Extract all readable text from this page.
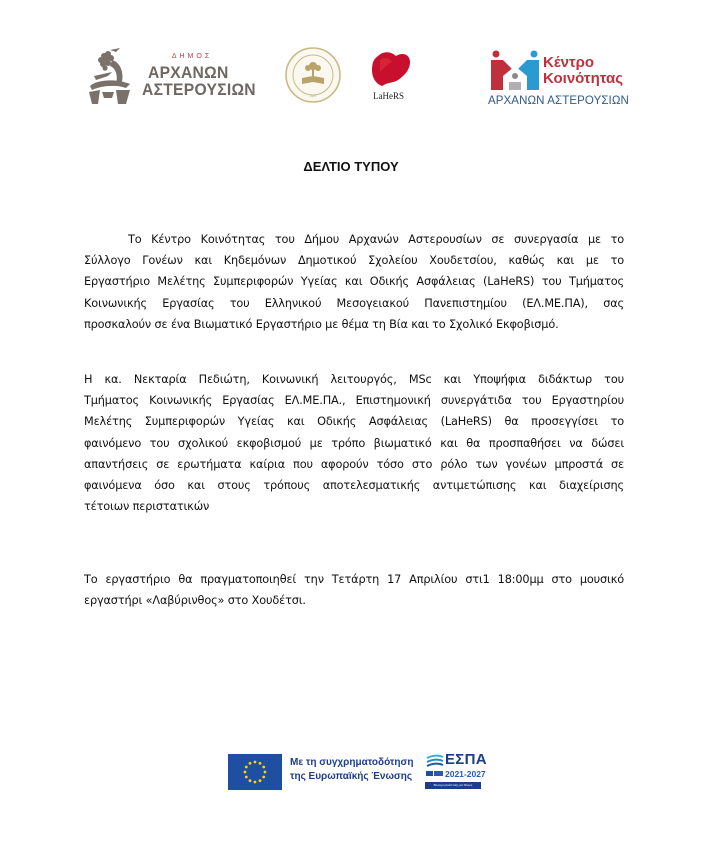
ΔΗΜΟΣ
ΑΡΧΑΝΩΝ
ΑΣΤΕΡΟΥΣΙΩΝ	1970	LaHeRS
Κέντρο
Κοινότητας
ΑΡΧΑΝΩΝ ΑΣΤΕΡΟΥΣΙΩΝ
ΔΕΛΤΙΟ ΤΥΠΟΥ
Το Κέντρο Κοινότητας του Δήμου Αρχανών Αστερουσίων σε συνεργασία με το
Σύλλογο Γονέων και Κηδεμόνων Δημοτικού Σχολείου Χουδετσίου, καθώς και με το
Εργαστήριο Μελέτης Συμπεριφορών Υγείας και Οδικής Ασφάλειας (LaHeRS) του Τμήματος
Κοινωνικής Εργασίας του Ελληνικού Μεσογειακού Πανεπιστημίου (ΕΛ.ΜΕ.ΠΑ), σας
προσκαλούν σε ένα Βιωματικό Εργαστήριο με θέμα τη Βία και το Σχολικό Εκφοβισμό.
Η κα. Νεκταρία Πεδιώτη, Κοινωνική λειτουργός, MSc και Υποψήφια διδάκτωρ του
Τμήματος Κοινωνικής Εργασίας ΕΛ.ΜΕ.ΠΑ., Επιστημονική συνεργάτιδα του Εργαστηρίου
Μελέτης Συμπεριφορών Υγείας και Οδικής Ασφάλειας (LaHeRS) θα προσεγγίσει το
φαινόμενο του σχολικού εκφοβισμού με τρόπο βιωματικό και θα προσπαθήσει να δώσει
απαντήσεις σε ερωτήματα καίρια που αφορούν τόσο στο ρόλο των γονέων μπροστά σε
φαινόμενα όσο και στους τρόπους αποτελεσματικής αντιμετώπισης και διαχείρισης
τέτοιων περιστατικών
Το εργαστήριο θα πραγματοποιηθεί την Τετάρτη 17 Απριλίου στι1 18:00μμ στο μουσικό
εργαστήρι «Λαβύρινθος» στο Χουδέτσι.
Με τη συγχρηματοδότηση
της Ευρωπαϊκής Ένωσης
ΕΣΠΑ
2021-2027
Βιώσιμη Ανάπτυξη για Όλους
